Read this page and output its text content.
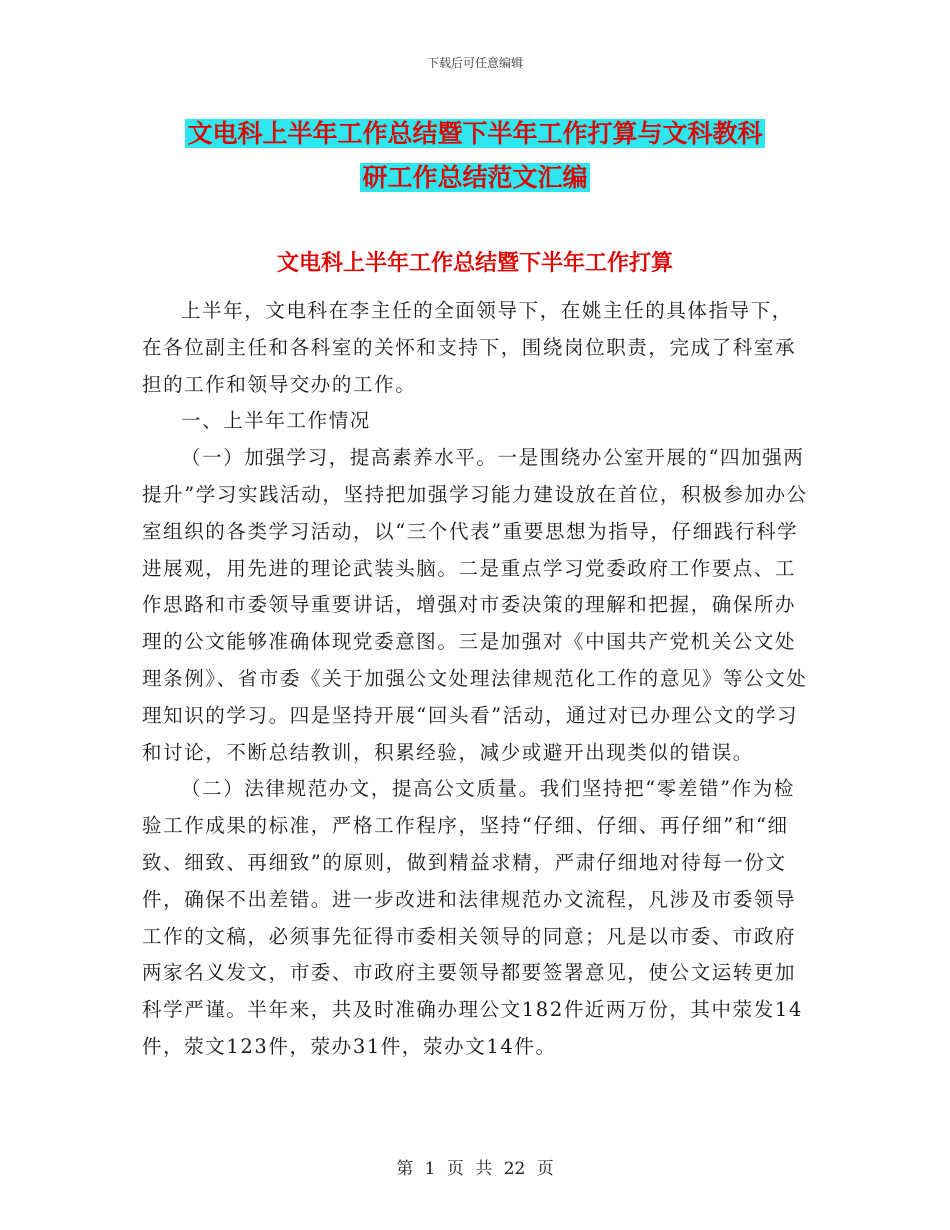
下载后可任意编辑
文电科上半年工作总结暨下半年工作打算与文科教科
研工作总结范文汇编
文电科上半年工作总结暨下半年工作打算

上半年，文电科在李主任的全面领导下，在姚主任的具体指导下，在各位副主任和各科室的关怀和支持下，围绕岗位职责，完成了科室承担的工作和领导交办的工作。

一、上半年工作情况

（一）加强学习，提高素养水平。一是围绕办公室开展的“四加强两提升”学习实践活动，坚持把加强学习能力建设放在首位，积极参加办公室组织的各类学习活动，以“三个代表”重要思想为指导，仔细践行科学进展观，用先进的理论武装头脑。二是重点学习党委政府工作要点、工作思路和市委领导重要讲话，增强对市委决策的理解和把握，确保所办理的公文能够准确体现党委意图。三是加强对《中国共产党机关公文处理条例》、省市委《关于加强公文处理法律规范化工作的意见》等公文处理知识的学习。四是坚持开展“回头看”活动，通过对已办理公文的学习和讨论，不断总结教训，积累经验，减少或避开出现类似的错误。

（二）法律规范办文，提高公文质量。我们坚持把“零差错”作为检验工作成果的标准，严格工作程序，坚持“仔细、仔细、再仔细”和“细致、细致、再细致”的原则，做到精益求精，严肃仔细地对待每一份文件，确保不出差错。进一步改进和法律规范办文流程，凡涉及市委领导工作的文稿，必须事先征得市委相关领导的同意；凡是以市委、市政府两家名义发文，市委、市政府主要领导都要签署意见，使公文运转更加科学严谨。半年来，共及时准确办理公文182件近两万份，其中荥发14件，荥文123件，荥办31件，荥办文14件。

第 1 页 共 22 页
